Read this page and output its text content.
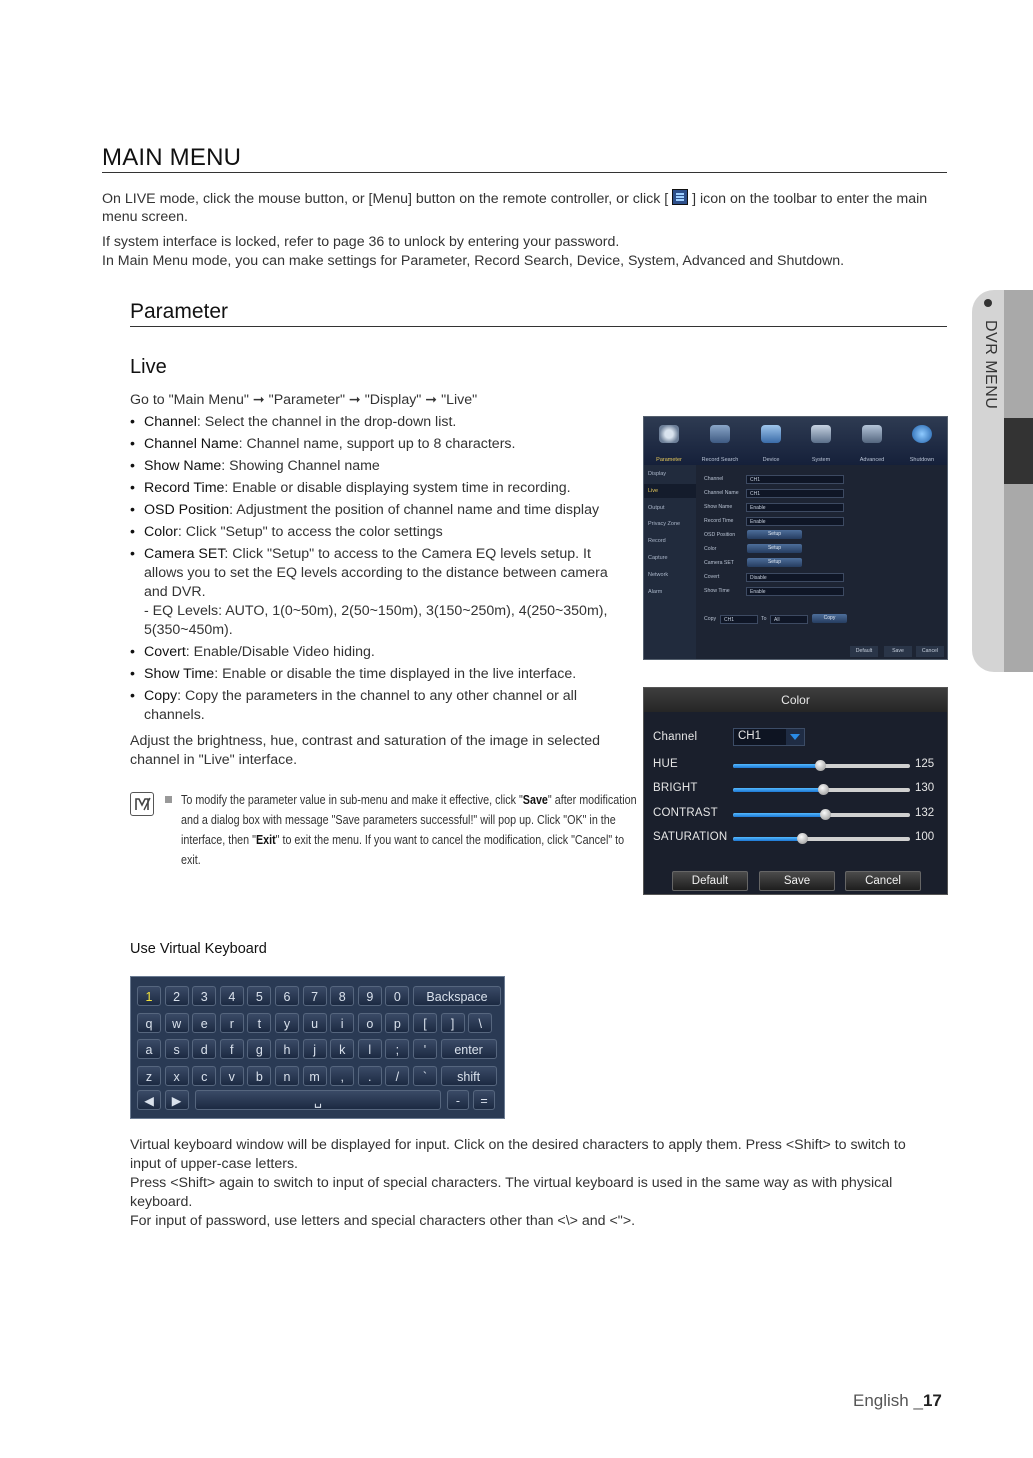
MAIN MENU
On LIVE mode, click the mouse button, or [Menu] button on the remote controller, or click [ ] icon on the toolbar to enter the main
menu screen.
If system interface is locked, refer to page 36 to unlock by entering your password.
In Main Menu mode, you can make settings for Parameter, Record Search, Device, System, Advanced and Shutdown.
Parameter
Live
Go to "Main Menu" ➞ "Parameter" ➞ "Display" ➞ "Live"
• Channel: Select the channel in the drop-down list.
• Channel Name: Channel name, support up to 8 characters.
• Show Name: Showing Channel name
• Record Time: Enable or disable displaying system time in recording.
• OSD Position: Adjustment the position of channel name and time display
• Color: Click "Setup" to access the color settings
• Camera SET: Click "Setup" to access to the Camera EQ levels setup. It allows you to set the EQ levels according to the distance between camera and DVR.
- EQ Levels: AUTO, 1(0~50m), 2(50~150m), 3(150~250m), 4(250~350m), 5(350~450m).
• Covert: Enable/Disable Video hiding.
• Show Time: Enable or disable the time displayed in the live interface.
• Copy: Copy the parameters in the channel to any other channel or all channels.
Adjust the brightness, hue, contrast and saturation of the image in selected channel in "Live" interface.
To modify the parameter value in sub-menu and make it effective, click "Save" after modification and a dialog box with message "Save parameters successful!" will pop up. Click "OK" in the interface, then "Exit" to exit the menu. If you want to cancel the modification, click "Cancel" to exit.
DVR MENU
Parameter	Record Search	Device	System	Advanced	Shutdown
Display
Live
Output
Privacy Zone
Record
Capture
Network
Alarm
Channel	CH1
Channel Name	CH1
Show Name	Enable
Record Time	Enable
OSD Position	Setup
Color	Setup
Camera SET	Setup
Covert	Disable
Show Time	Enable
Copy	CH1	To	All	Copy
Default	Save	Cancel
Color
Channel	CH1
HUE	125
BRIGHT	130
CONTRAST	132
SATURATION	100
Default	Save	Cancel
Use Virtual Keyboard
1	2	3	4	5	6	7	8	9	0	Backspace
q	w	e	r	t	y	u	i	o	p	[	]	\
a	s	d	f	g	h	j	k	l	;	'	enter
z	x	c	v	b	n	m	,	.	/	`	shift
◀	▶	␣	-	=
Virtual keyboard window will be displayed for input. Click on the desired characters to apply them. Press <Shift> to switch to
input of upper-case letters.
Press <Shift> again to switch to input of special characters. The virtual keyboard is used in the same way as with physical
keyboard.
For input of password, use letters and special characters other than <\> and <">.
English _17
